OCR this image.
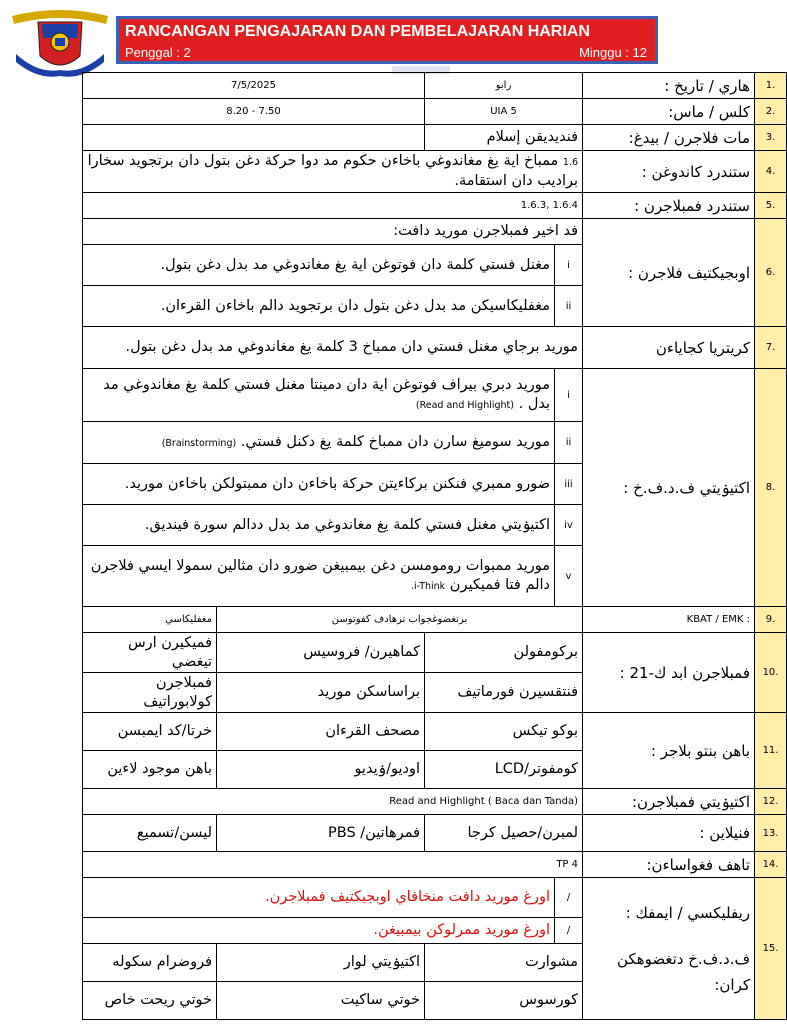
RANCANGAN PENGAJARAN DAN PEMBELAJARAN HARIAN
Penggal : 2	Minggu : 12
7/5/2025		رابو		هاري / تاريخ :	1.
8.20 - 7.50		UIA 5		كلس / ماس:	2.
		فنديديقن إسلام		مات فلاجرن / بيدغ:	3.
1.6 ممباخ اية يغ مغاندوغي باخاءن حكوم مد دوا حركة دغن بتول دان برتجويد سخارا براديب دان استقامة.				ستندرد كاندوغن :	4.
1.6.3, 1.6.4				ستندرد فمبلاجرن :	5.
فد اخير فمبلاجرن موريد دافت:				اوبجيكتيف فلاجرن :	6.
مغنل فستي كلمة دان فوتوغن اية يغ مغاندوغي مد بدل دغن بتول.			i		
مغفليكاسيكن مد بدل دغن بتول دان برتجويد دالم باخاءن القرءان.			ii		
موريد برجاي مغنل فستي دان ممباخ 3 كلمة يغ مغاندوغي مد بدل دغن بتول.				كريتريا كجاياءن	7.
موريد دبري بيراف فوتوغن اية دان دمينتا مغنل فستي كلمة يغ مغاندوغي مد بدل . (Read and Highlight)			i	اكتيۏيتي ف.د.ف.خ :	8.
موريد سوميغ سارن دان ممباخ كلمة يغ دكنل فستي. (Brainstorming)			ii		
ضورو ممبري فنكنن بركاءيتن حركة باخاءن دان ممبتولكن باخاءن موريد.			iii		
اكتيۏيتي مغنل فستي كلمة يغ مغاندوغي مد بدل ددالم سورة فينديق.			iv		
موريد ممبوات رومومسن دغن بيمبيغن ضورو دان مثالين سمولا ايسي فلاجرن دالم فتا فميكيرن i-Think.			v		
مغفليكاسي	برتغضوغجواب ترهادف كفوتوسن			KBAT / EMK :	9.
فميكيرن ارس تيغضي	كماهيرن/ فروسيس	بركومفولن		فمبلاجرن ابد ك-21 :	10.
فمبلاجرن كولابوراتيف	براساسكن موريد	فنتقسيرن فورماتيف			
خرتا/كد ايمبسن	مصحف القرءان	بوكو تيكس		باهن بنتو بلاجر :	11.
باهن موجود لاءين	اوديو/ۏيديو	كومفوتر/LCD			
Read and Highlight ( Baca dan Tanda)				اكتيۏيتي فمبلاجرن:	12.
ليسن/تسميع	فمرهاتين/ PBS	لمبرن/حصيل كرجا		فنيلاين :	13.
TP 4				تاهف فغواساءن:	14.
اورغ موريد دافت منخافاي اوبجيكتيف فمبلاجرن.			/	ريفليكسي / ايمفك :
ف.د.ف.خ دتغضوهكن كران:	15.
اورغ موريد ممرلوكن بيمبيغن.			/		
فروضرام سكوله	اكتيۏيتي لوار	مشوارت			
خوتي ريحت خاص	خوتي ساكيت	كورسوس			
